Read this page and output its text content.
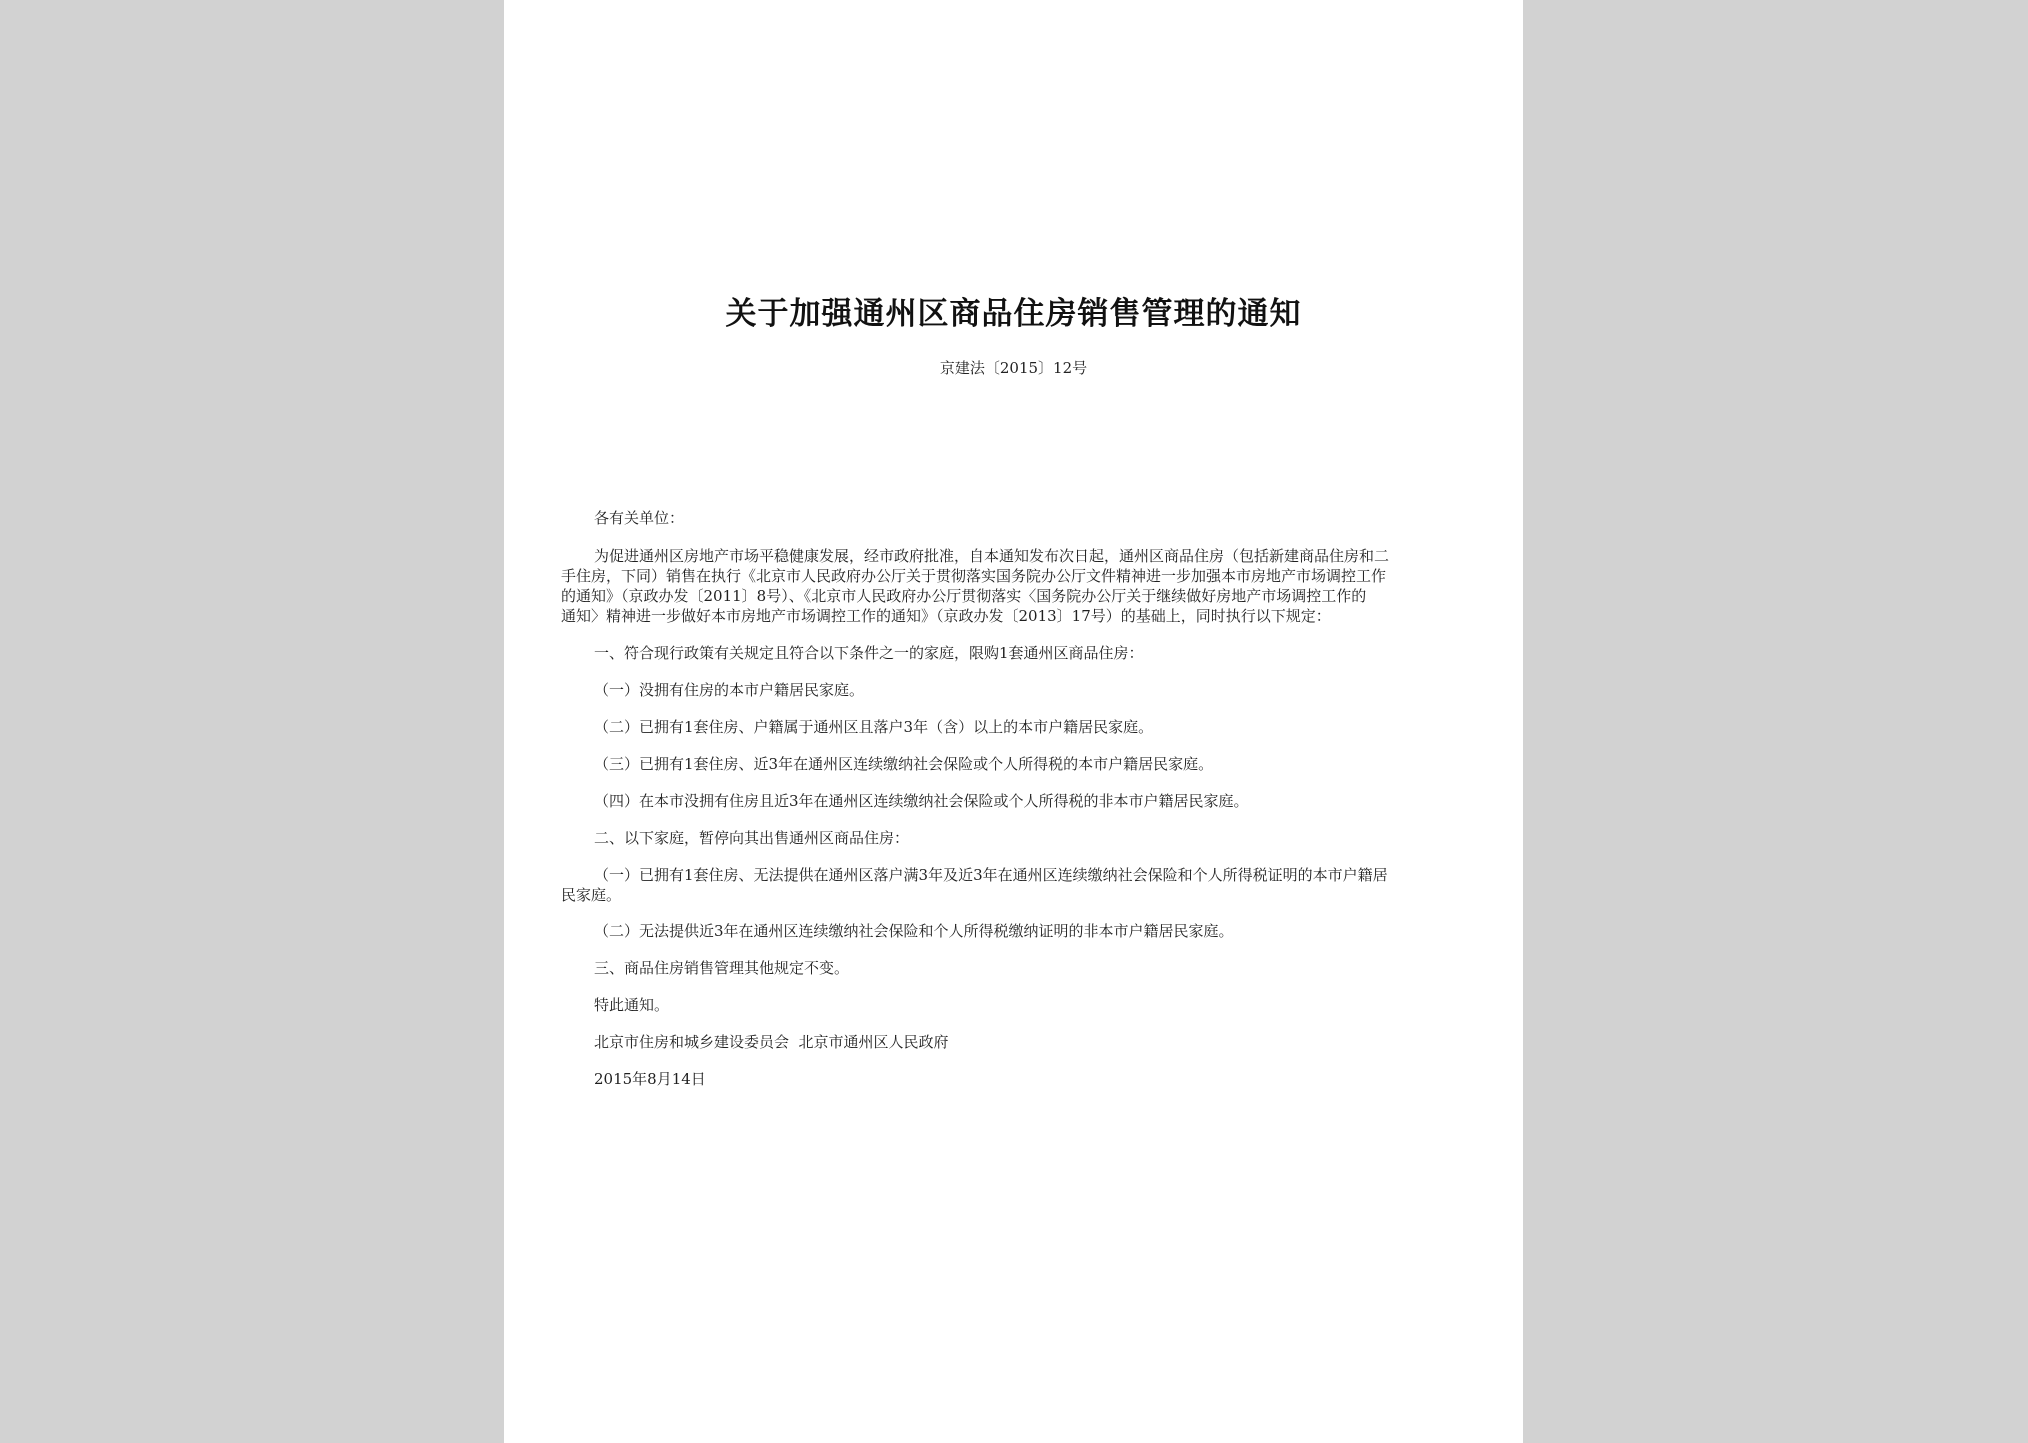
关于加强通州区商品住房销售管理的通知
京建法〔2015〕12号

各有关单位：

为促进通州区房地产市场平稳健康发展，经市政府批准，自本通知发布次日起，通州区商品住房（包括新建商品住房和二
手住房，下同）销售在执行《北京市人民政府办公厅关于贯彻落实国务院办公厅文件精神进一步加强本市房地产市场调控工作
的通知》（京政办发〔2011〕8号）、《北京市人民政府办公厅贯彻落实〈国务院办公厅关于继续做好房地产市场调控工作的
通知〉精神进一步做好本市房地产市场调控工作的通知》（京政办发〔2013〕17号）的基础上，同时执行以下规定：

一、符合现行政策有关规定且符合以下条件之一的家庭，限购1套通州区商品住房：

（一）没拥有住房的本市户籍居民家庭。

（二）已拥有1套住房、户籍属于通州区且落户3年（含）以上的本市户籍居民家庭。

（三）已拥有1套住房、近3年在通州区连续缴纳社会保险或个人所得税的本市户籍居民家庭。

（四）在本市没拥有住房且近3年在通州区连续缴纳社会保险或个人所得税的非本市户籍居民家庭。

二、以下家庭，暂停向其出售通州区商品住房：

（一）已拥有1套住房、无法提供在通州区落户满3年及近3年在通州区连续缴纳社会保险和个人所得税证明的本市户籍居
民家庭。

（二）无法提供近3年在通州区连续缴纳社会保险和个人所得税缴纳证明的非本市户籍居民家庭。

三、商品住房销售管理其他规定不变。

特此通知。

北京市住房和城乡建设委员会  北京市通州区人民政府

2015年8月14日
